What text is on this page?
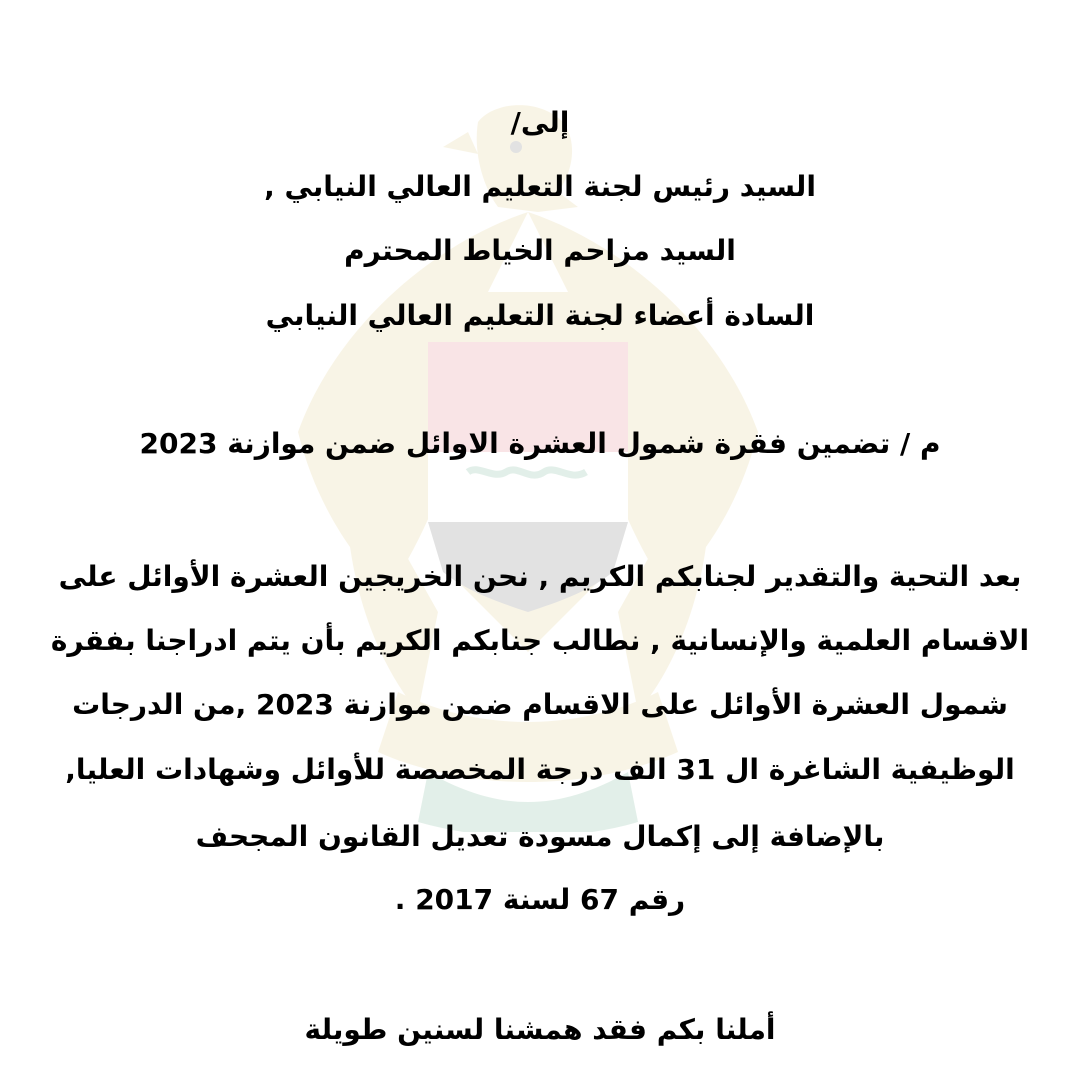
إلى/
السيد رئيس لجنة التعليم العالي النيابي ,
السيد مزاحم الخياط المحترم
السادة أعضاء لجنة التعليم العالي النيابي
م / تضمين فقرة شمول العشرة الاوائل ضمن موازنة 2023
بعد التحية والتقدير لجنابكم الكريم , نحن الخريجين العشرة الأوائل على
الاقسام العلمية والإنسانية , نطالب جنابكم الكريم بأن يتم ادراجنا بفقرة
شمول العشرة الأوائل على الاقسام ضمن موازنة 2023 ,من الدرجات
الوظيفية الشاغرة ال 31 الف درجة المخصصة للأوائل وشهادات العليا,
بالإضافة إلى إكمال مسودة تعديل القانون المجحف
رقم 67 لسنة 2017 .
أملنا بكم فقد همشنا لسنين طويلة
